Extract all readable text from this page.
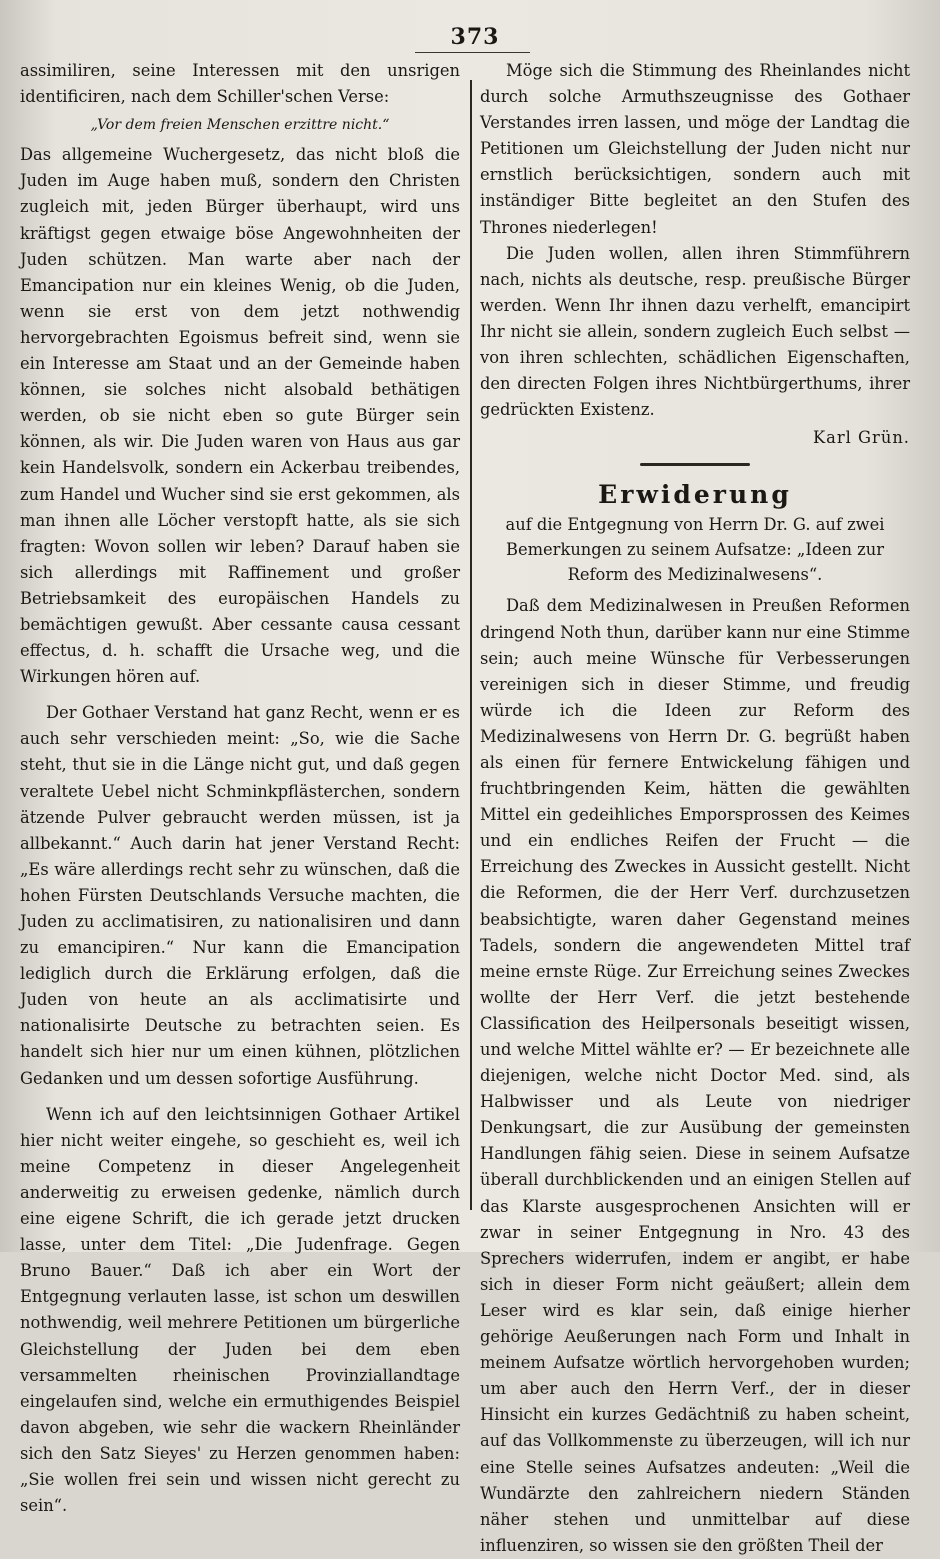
373

assimiliren, seine Interessen mit den unsrigen identificiren, nach dem Schiller'schen Verse:

„Vor dem freien Menschen erzittre nicht.“

Das allgemeine Wuchergesetz, das nicht bloß die Juden im Auge haben muß, sondern den Christen zugleich mit, jeden Bürger überhaupt, wird uns kräftigst gegen etwaige böse Angewohnheiten der Juden schützen. Man warte aber nach der Emancipation nur ein kleines Wenig, ob die Juden, wenn sie erst von dem jetzt nothwendig hervorgebrachten Egoismus befreit sind, wenn sie ein Interesse am Staat und an der Gemeinde haben können, sie solches nicht alsobald bethätigen werden, ob sie nicht eben so gute Bürger sein können, als wir. Die Juden waren von Haus aus gar kein Handelsvolk, sondern ein Ackerbau treibendes, zum Handel und Wucher sind sie erst gekommen, als man ihnen alle Löcher verstopft hatte, als sie sich fragten: Wovon sollen wir leben? Darauf haben sie sich allerdings mit Raffinement und großer Betriebsamkeit des europäischen Handels zu bemächtigen gewußt. Aber cessante causa cessant effectus, d. h. schafft die Ursache weg, und die Wirkungen hören auf.

Der Gothaer Verstand hat ganz Recht, wenn er es auch sehr verschieden meint: „So, wie die Sache steht, thut sie in die Länge nicht gut, und daß gegen veraltete Uebel nicht Schminkpflästerchen, sondern ätzende Pulver gebraucht werden müssen, ist ja allbekannt.“ Auch darin hat jener Verstand Recht: „Es wäre allerdings recht sehr zu wünschen, daß die hohen Fürsten Deutschlands Versuche machten, die Juden zu acclimatisiren, zu nationalisiren und dann zu emancipiren.“ Nur kann die Emancipation lediglich durch die Erklärung erfolgen, daß die Juden von heute an als acclimatisirte und nationalisirte Deutsche zu betrachten seien. Es handelt sich hier nur um einen kühnen, plötzlichen Gedanken und um dessen sofortige Ausführung.

Wenn ich auf den leichtsinnigen Gothaer Artikel hier nicht weiter eingehe, so geschieht es, weil ich meine Competenz in dieser Angelegenheit anderweitig zu erweisen gedenke, nämlich durch eine eigene Schrift, die ich gerade jetzt drucken lasse, unter dem Titel: „Die Judenfrage. Gegen Bruno Bauer.“ Daß ich aber ein Wort der Entgegnung verlauten lasse, ist schon um deswillen nothwendig, weil mehrere Petitionen um bürgerliche Gleichstellung der Juden bei dem eben versammelten rheinischen Provinziallandtage eingelaufen sind, welche ein ermuthigendes Beispiel davon abgeben, wie sehr die wackern Rheinländer sich den Satz Sieyes' zu Herzen genommen haben: „Sie wollen frei sein und wissen nicht gerecht zu sein“.

Möge sich die Stimmung des Rheinlandes nicht durch solche Armuthszeugnisse des Gothaer Verstandes irren lassen, und möge der Landtag die Petitionen um Gleichstellung der Juden nicht nur ernstlich berücksichtigen, sondern auch mit inständiger Bitte begleitet an den Stufen des Thrones niederlegen!

Die Juden wollen, allen ihren Stimmführern nach, nichts als deutsche, resp. preußische Bürger werden. Wenn Ihr ihnen dazu verhelft, emancipirt Ihr nicht sie allein, sondern zugleich Euch selbst — von ihren schlechten, schädlichen Eigenschaften, den directen Folgen ihres Nichtbürgerthums, ihrer gedrückten Existenz.

Karl Grün.

Erwiderung

auf die Entgegnung von Herrn Dr. G. auf zwei Bemerkungen zu seinem Aufsatze: „Ideen zur Reform des Medizinalwesens“.

Daß dem Medizinalwesen in Preußen Reformen dringend Noth thun, darüber kann nur eine Stimme sein; auch meine Wünsche für Verbesserungen vereinigen sich in dieser Stimme, und freudig würde ich die Ideen zur Reform des Medizinalwesens von Herrn Dr. G. begrüßt haben als einen für fernere Entwickelung fähigen und fruchtbringenden Keim, hätten die gewählten Mittel ein gedeihliches Emporsprossen des Keimes und ein endliches Reifen der Frucht — die Erreichung des Zweckes in Aussicht gestellt. Nicht die Reformen, die der Herr Verf. durchzusetzen beabsichtigte, waren daher Gegenstand meines Tadels, sondern die angewendeten Mittel traf meine ernste Rüge. Zur Erreichung seines Zweckes wollte der Herr Verf. die jetzt bestehende Classification des Heilpersonals beseitigt wissen, und welche Mittel wählte er? — Er bezeichnete alle diejenigen, welche nicht Doctor Med. sind, als Halbwisser und als Leute von niedriger Denkungsart, die zur Ausübung der gemeinsten Handlungen fähig seien. Diese in seinem Aufsatze überall durchblickenden und an einigen Stellen auf das Klarste ausgesprochenen Ansichten will er zwar in seiner Entgegnung in Nro. 43 des Sprechers widerrufen, indem er angibt, er habe sich in dieser Form nicht geäußert; allein dem Leser wird es klar sein, daß einige hierher gehörige Aeußerungen nach Form und Inhalt in meinem Aufsatze wörtlich hervorgehoben wurden; um aber auch den Herrn Verf., der in dieser Hinsicht ein kurzes Gedächtniß zu haben scheint, auf das Vollkommenste zu überzeugen, will ich nur eine Stelle seines Aufsatzes andeuten: „Weil die Wundärzte den zahlreichern niedern Ständen näher stehen und unmittelbar auf diese influenziren, so wissen sie den größten Theil der
